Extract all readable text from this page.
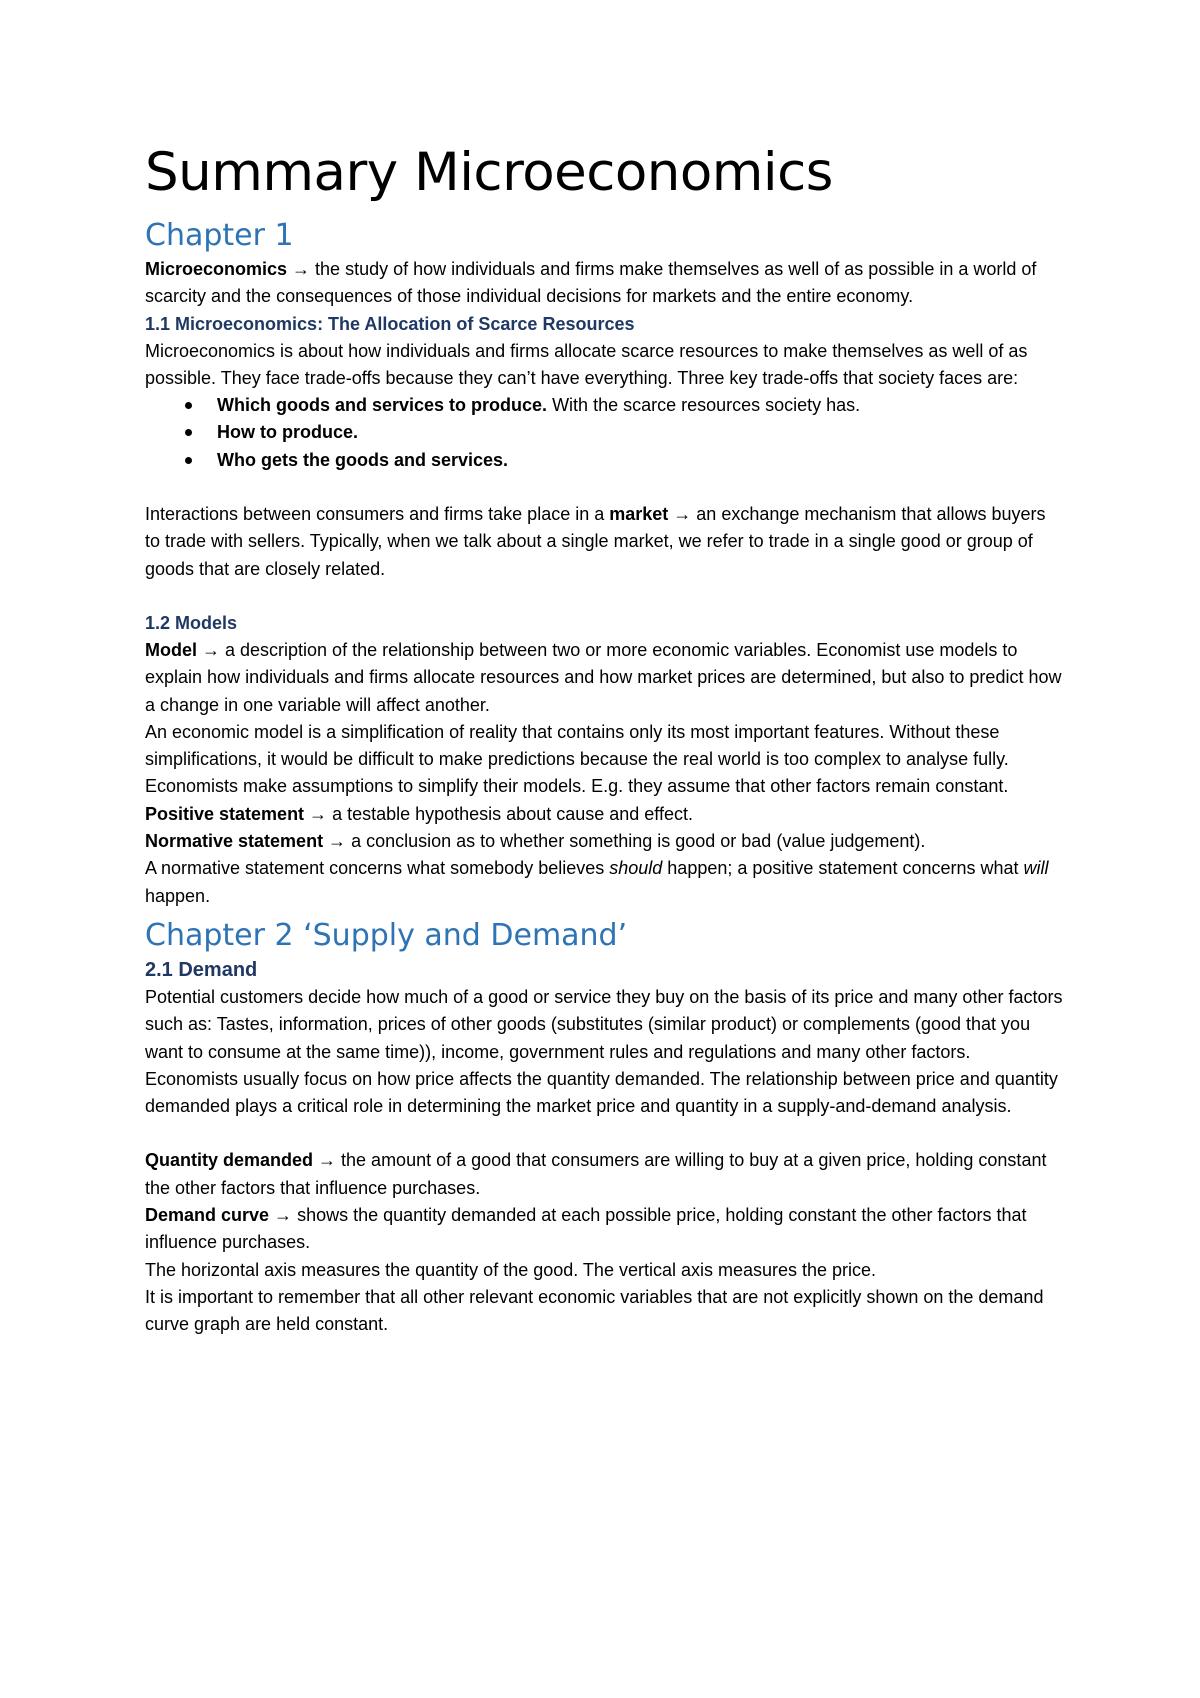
Summary Microeconomics
Chapter 1

Microeconomics → the study of how individuals and firms make themselves as well of as possible in a world of scarcity and the consequences of those individual decisions for markets and the entire economy.

1.1 Microeconomics: The Allocation of Scarce Resources

Microeconomics is about how individuals and firms allocate scarce resources to make themselves as well of as possible. They face trade-offs because they can’t have everything. Three key trade-offs that society faces are:

Which goods and services to produce. With the scarce resources society has.
How to produce.
Who gets the goods and services.

Interactions between consumers and firms take place in a market → an exchange mechanism that allows buyers to trade with sellers. Typically, when we talk about a single market, we refer to trade in a single good or group of goods that are closely related.

1.2 Models

Model → a description of the relationship between two or more economic variables. Economist use models to explain how individuals and firms allocate resources and how market prices are determined, but also to predict how a change in one variable will affect another.

An economic model is a simplification of reality that contains only its most important features. Without these simplifications, it would be difficult to make predictions because the real world is too complex to analyse fully.

Economists make assumptions to simplify their models. E.g. they assume that other factors remain constant.

Positive statement → a testable hypothesis about cause and effect.

Normative statement → a conclusion as to whether something is good or bad (value judgement).

A normative statement concerns what somebody believes should happen; a positive statement concerns what will happen.

Chapter 2 ‘Supply and Demand’
2.1 Demand

Potential customers decide how much of a good or service they buy on the basis of its price and many other factors such as: Tastes, information, prices of other goods (substitutes (similar product) or complements (good that you want to consume at the same time)), income, government rules and regulations and many other factors.

Economists usually focus on how price affects the quantity demanded. The relationship between price and quantity demanded plays a critical role in determining the market price and quantity in a supply-and-demand analysis.

Quantity demanded → the amount of a good that consumers are willing to buy at a given price, holding constant the other factors that influence purchases.

Demand curve → shows the quantity demanded at each possible price, holding constant the other factors that influence purchases.

The horizontal axis measures the quantity of the good. The vertical axis measures the price.

It is important to remember that all other relevant economic variables that are not explicitly shown on the demand curve graph are held constant.
